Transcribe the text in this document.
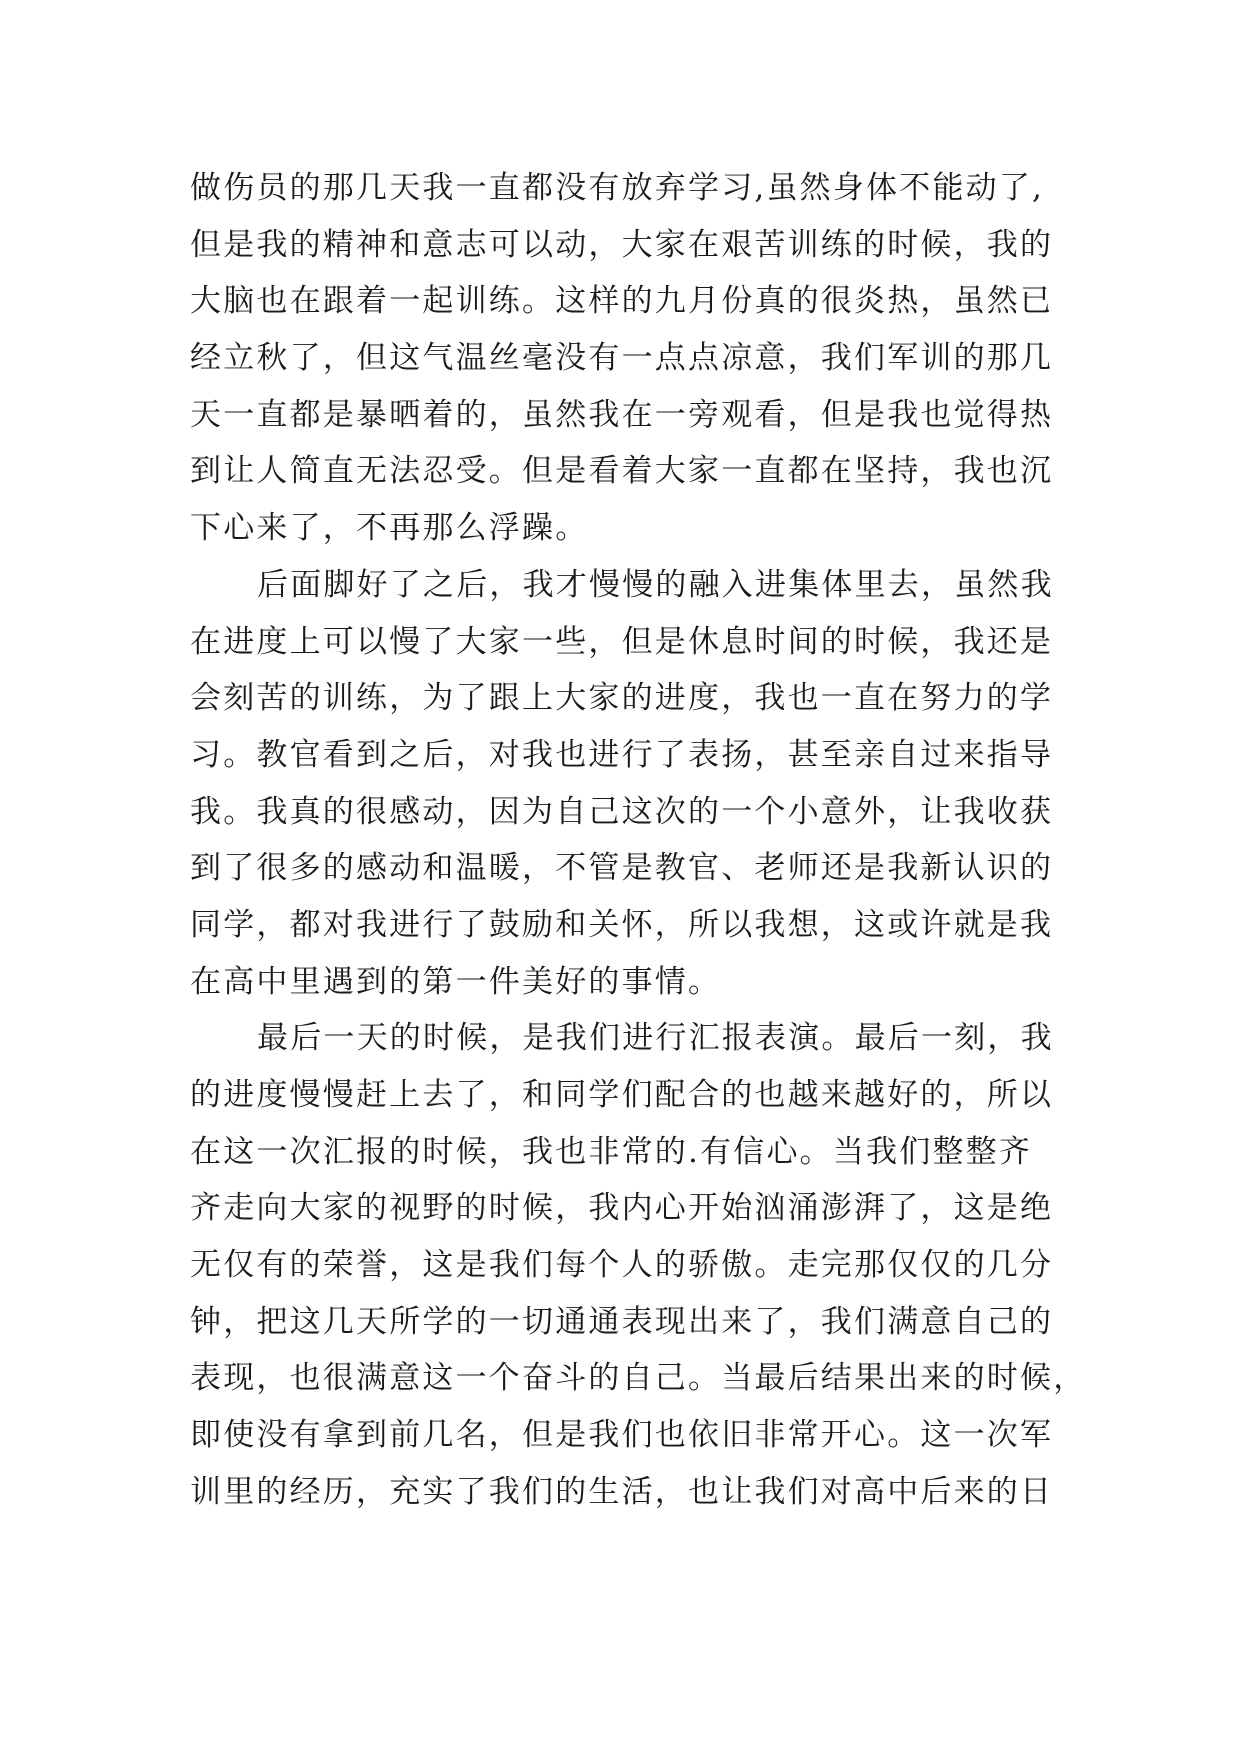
做伤员的那几天我一直都没有放弃学习,虽然身体不能动了,
但是我的精神和意志可以动，大家在艰苦训练的时候，我的
大脑也在跟着一起训练。这样的九月份真的很炎热，虽然已
经立秋了，但这气温丝毫没有一点点凉意，我们军训的那几
天一直都是暴晒着的，虽然我在一旁观看，但是我也觉得热
到让人简直无法忍受。但是看着大家一直都在坚持，我也沉
下心来了，不再那么浮躁。
后面脚好了之后，我才慢慢的融入进集体里去，虽然我
在进度上可以慢了大家一些，但是休息时间的时候，我还是
会刻苦的训练，为了跟上大家的进度，我也一直在努力的学
习。教官看到之后，对我也进行了表扬，甚至亲自过来指导
我。我真的很感动，因为自己这次的一个小意外，让我收获
到了很多的感动和温暖，不管是教官、老师还是我新认识的
同学，都对我进行了鼓励和关怀，所以我想，这或许就是我
在高中里遇到的第一件美好的事情。
最后一天的时候，是我们进行汇报表演。最后一刻，我
的进度慢慢赶上去了，和同学们配合的也越来越好的，所以
在这一次汇报的时候，我也非常的.有信心。当我们整整齐
齐走向大家的视野的时候，我内心开始汹涌澎湃了，这是绝
无仅有的荣誉，这是我们每个人的骄傲。走完那仅仅的几分
钟，把这几天所学的一切通通表现出来了，我们满意自己的
表现，也很满意这一个奋斗的自己。当最后结果出来的时候，
即使没有拿到前几名，但是我们也依旧非常开心。这一次军
训里的经历，充实了我们的生活，也让我们对高中后来的日
